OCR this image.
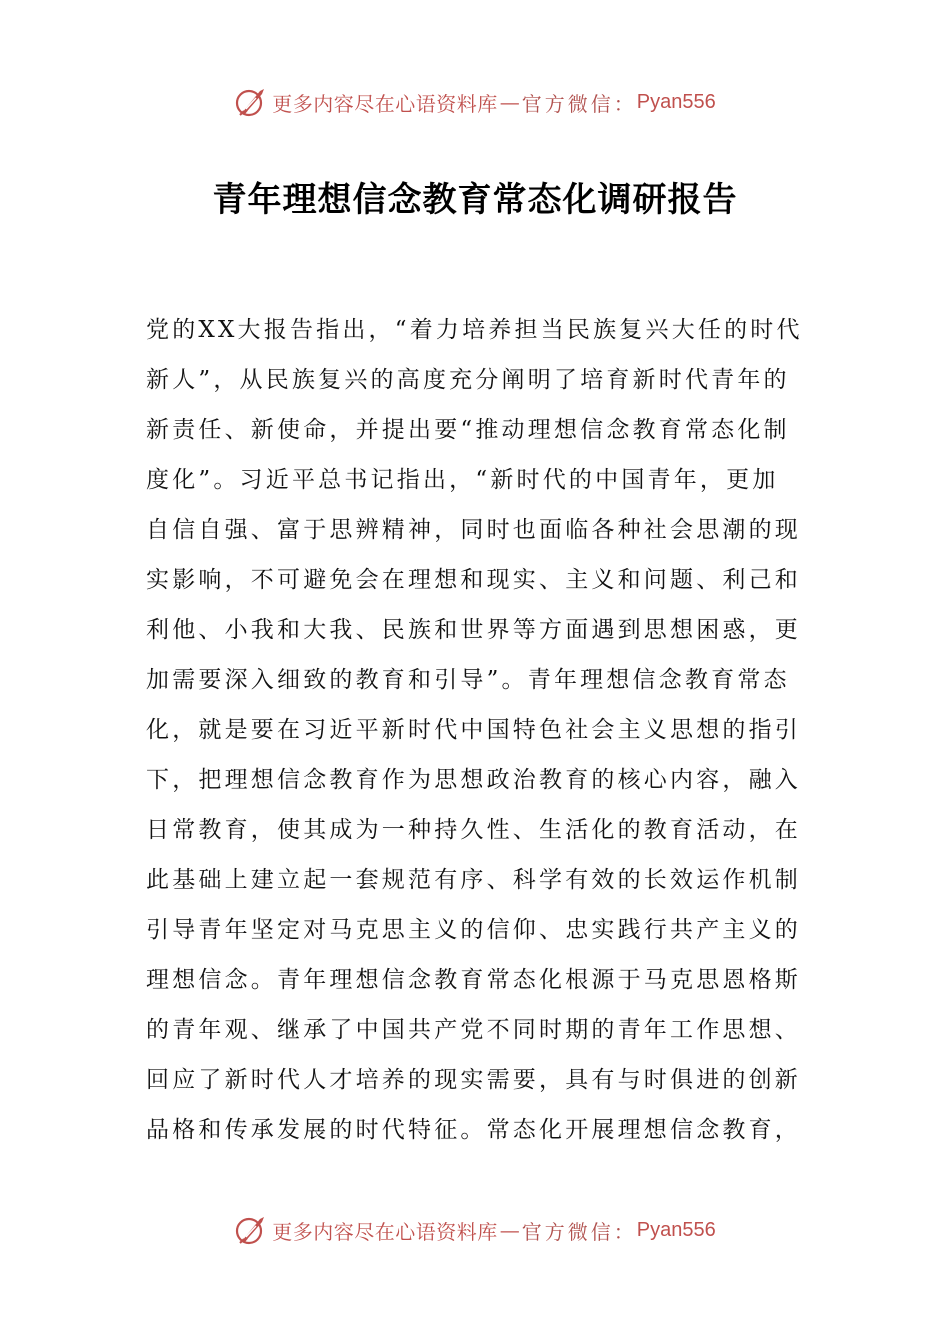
更多内容尽在心语资料库 — 官方微信： Pyan556
青年理想信念教育常态化调研报告
党的XX大报告指出，“着力培养担当民族复兴大任的时代
新人”，从民族复兴的高度充分阐明了培育新时代青年的
新责任、新使命，并提出要“推动理想信念教育常态化制
度化”。习近平总书记指出，“新时代的中国青年，更加
自信自强、富于思辨精神，同时也面临各种社会思潮的现
实影响，不可避免会在理想和现实、主义和问题、利己和
利他、小我和大我、民族和世界等方面遇到思想困惑，更
加需要深入细致的教育和引导”。青年理想信念教育常态
化，就是要在习近平新时代中国特色社会主义思想的指引
下，把理想信念教育作为思想政治教育的核心内容，融入
日常教育，使其成为一种持久性、生活化的教育活动，在
此基础上建立起一套规范有序、科学有效的长效运作机制
引导青年坚定对马克思主义的信仰、忠实践行共产主义的
理想信念。青年理想信念教育常态化根源于马克思恩格斯
的青年观、继承了中国共产党不同时期的青年工作思想、
回应了新时代人才培养的现实需要，具有与时俱进的创新
品格和传承发展的时代特征。常态化开展理想信念教育，
更多内容尽在心语资料库 — 官方微信： Pyan556
